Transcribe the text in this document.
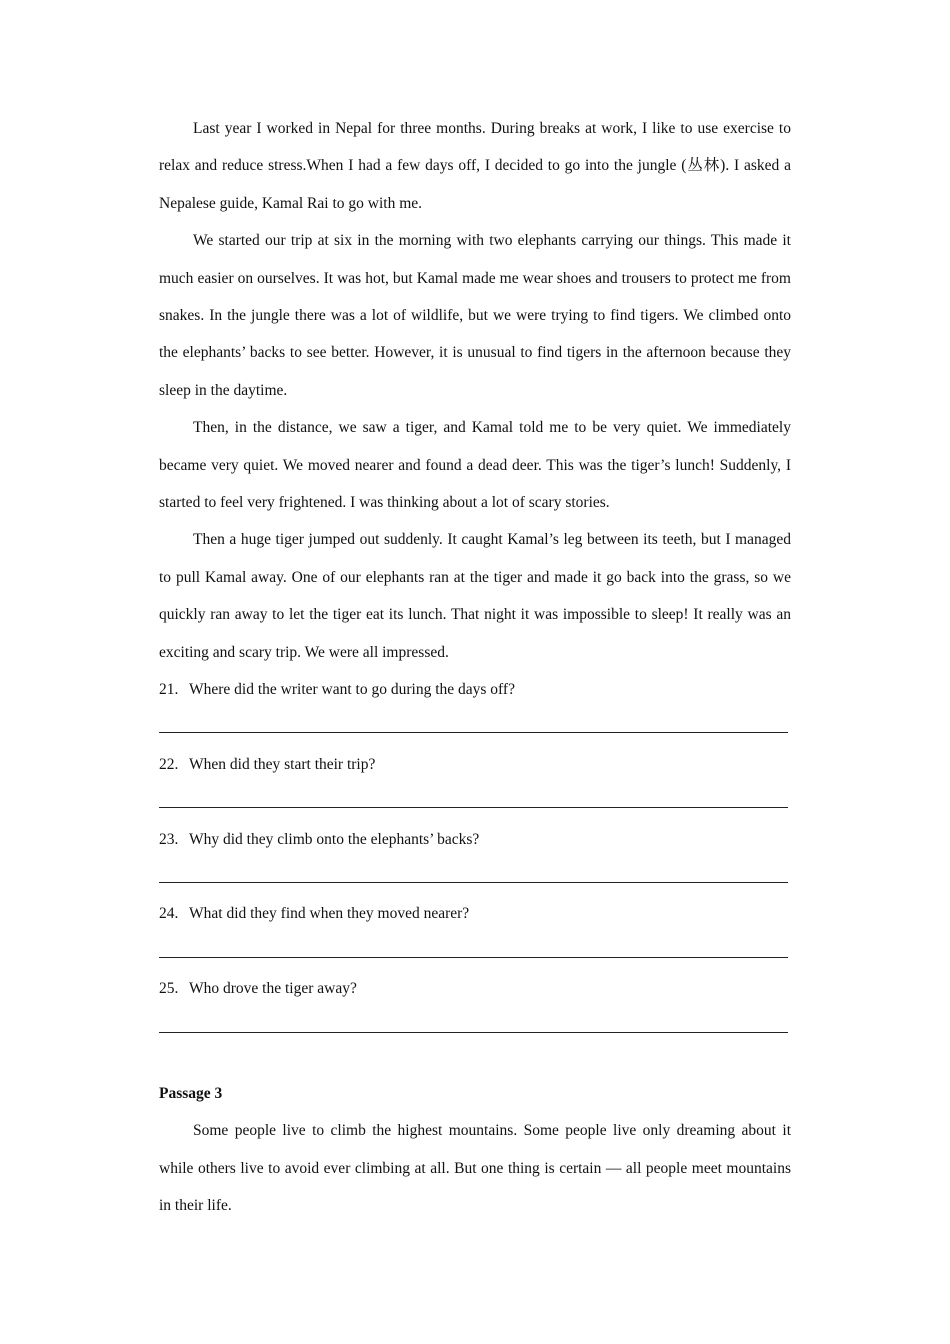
Last year I worked in Nepal for three months. During breaks at work, I like to use exercise to relax and reduce stress.When I had a few days off, I decided to go into the jungle (丛林). I asked a Nepalese guide, Kamal Rai to go with me.

We started our trip at six in the morning with two elephants carrying our things. This made it much easier on ourselves. It was hot, but Kamal made me wear shoes and trousers to protect me from snakes. In the jungle there was a lot of wildlife, but we were trying to find tigers. We climbed onto the elephants’ backs to see better. However, it is unusual to find tigers in the afternoon because they sleep in the daytime.

Then, in the distance, we saw a tiger, and Kamal told me to be very quiet. We immediately became very quiet. We moved nearer and found a dead deer. This was the tiger’s lunch! Suddenly, I started to feel very frightened. I was thinking about a lot of scary stories.

Then a huge tiger jumped out suddenly. It caught Kamal’s leg between its teeth, but I managed to pull Kamal away. One of our elephants ran at the tiger and made it go back into the grass, so we quickly ran away to let the tiger eat its lunch. That night it was impossible to sleep! It really was an exciting and scary trip. We were all impressed.

21. Where did the writer want to go during the days off?
22. When did they start their trip?
23. Why did they climb onto the elephants’ backs?
24. What did they find when they moved nearer?
25. Who drove the tiger away?

Passage 3

Some people live to climb the highest mountains. Some people live only dreaming about it while others live to avoid ever climbing at all. But one thing is certain — all people meet mountains in their life.
